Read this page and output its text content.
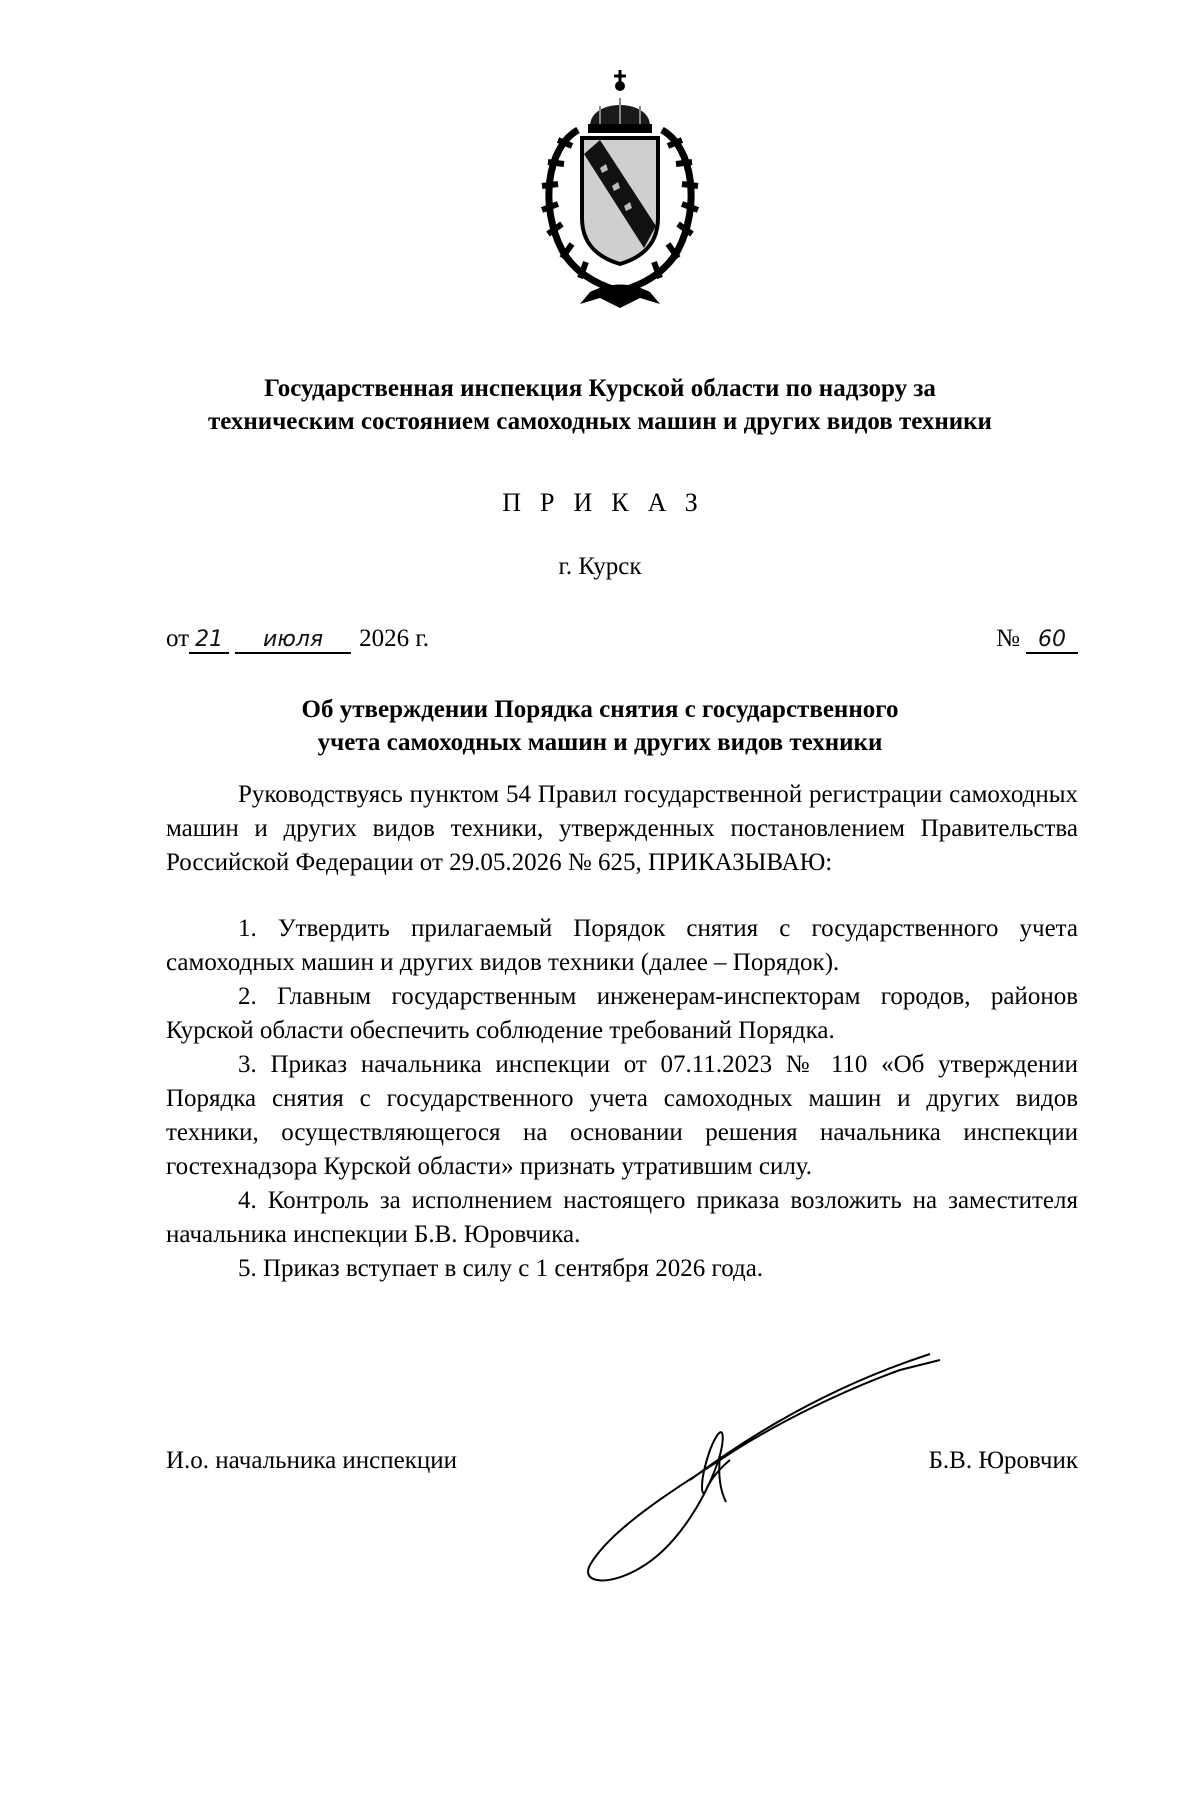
Государственная инспекция Курской области по надзору за
техническим состоянием самоходных машин и других видов техники
ПРИКАЗ
г. Курск
от 21 июля 2026 г.	№ 60
Об утверждении Порядка снятия с государственного
учета самоходных машин и других видов техники

Руководствуясь пунктом 54 Правил государственной регистрации самоходных машин и других видов техники, утвержденных постановлением Правительства Российской Федерации от 29.05.2026 № 625, ПРИКАЗЫВАЮ:

1. Утвердить прилагаемый Порядок снятия с государственного учета самоходных машин и других видов техники (далее – Порядок).

2. Главным государственным инженерам-инспекторам городов, районов Курской области обеспечить соблюдение требований Порядка.

3. Приказ начальника инспекции от 07.11.2023 № 110 «Об утверждении Порядка снятия с государственного учета самоходных машин и других видов техники, осуществляющегося на основании решения начальника инспекции гостехнадзора Курской области» признать утратившим силу.

4. Контроль за исполнением настоящего приказа возложить на заместителя начальника инспекции Б.В. Юровчика.

5. Приказ вступает в силу с 1 сентября 2026 года.

И.о. начальника инспекции	Б.В. Юровчик
